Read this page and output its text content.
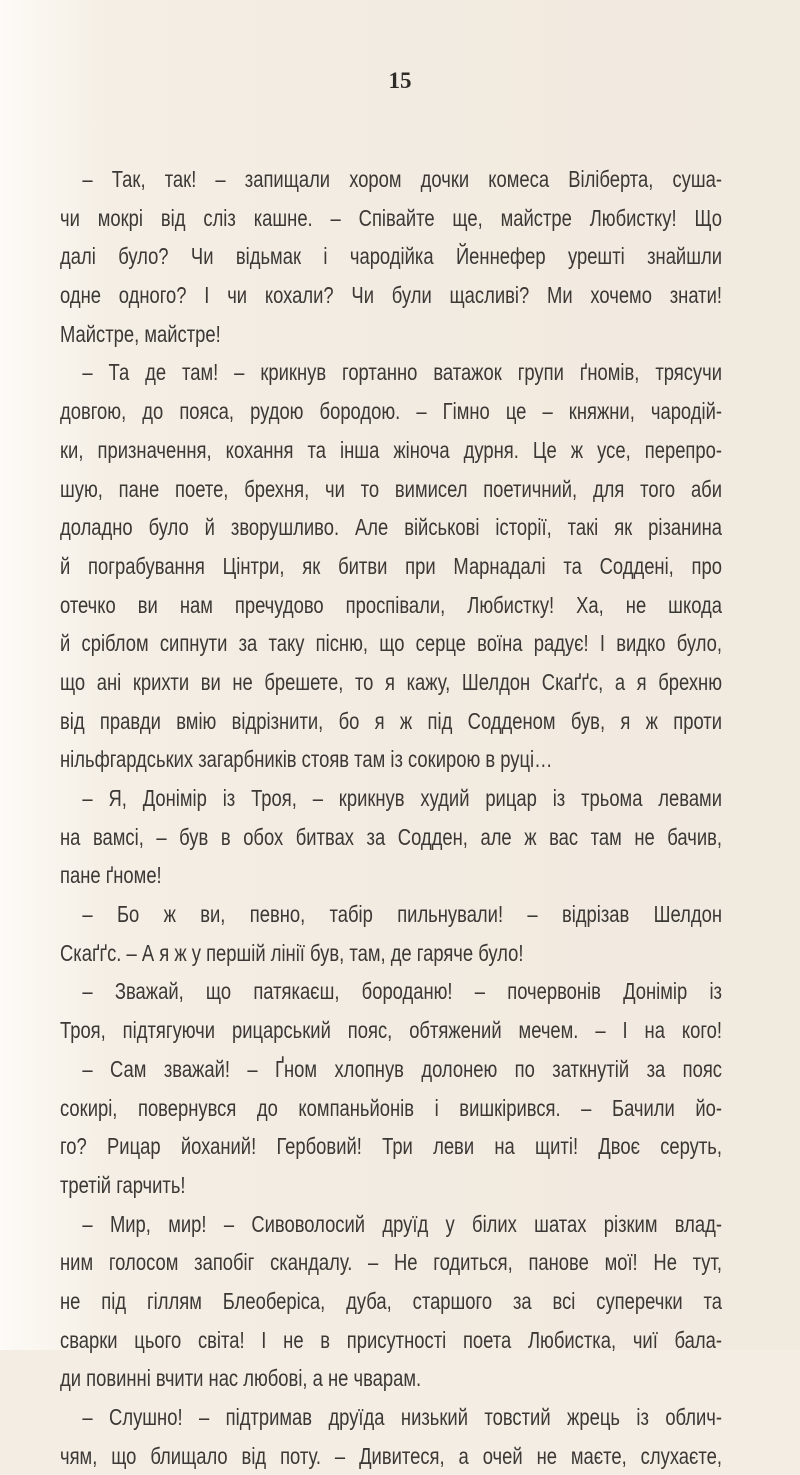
15
– Так, так! – запищали хором дочки комеса Віліберта, суша-
чи мокрі від сліз кашне. – Співайте ще, майстре Любистку! Що
далі було? Чи відьмак і чародійка Йеннефер урешті знайшли
одне одного? І чи кохали? Чи були щасливі? Ми хочемо знати!
Майстре, майстре!
– Та де там! – крикнув гортанно ватажок групи ґномів, трясучи
довгою, до пояса, рудою бородою. – Гімно це – княжни, чародій-
ки, призначення, кохання та інша жіноча дурня. Це ж усе, перепро-
шую, пане поете, брехня, чи то вимисел поетичний, для того аби
доладно було й зворушливо. Але військові історії, такі як різанина
й пограбування Цінтри, як битви при Марнадалі та Соддені, про
отечко ви нам пречудово проспівали, Любистку! Ха, не шкода
й сріблом сипнути за таку пісню, що серце воїна радує! І видко було,
що ані крихти ви не брешете, то я кажу, Шелдон Скаґґс, а я брехню
від правди вмію відрізнити, бо я ж під Содденом був, я ж проти
нільфгардських загарбників стояв там із сокирою в руці…
– Я, Донімір із Троя, – крикнув худий рицар із трьома левами
на вамсі, – був в обох битвах за Содден, але ж вас там не бачив,
пане ґноме!
– Бо ж ви, певно, табір пильнували! – відрізав Шелдон
Скаґґс. – А я ж у першій лінії був, там, де гаряче було!
– Зважай, що патякаєш, бороданю! – почервонів Донімір із
Троя, підтягуючи рицарський пояс, обтяжений мечем. – І на кого!
– Сам зважай! – Ґном хлопнув долонею по заткнутій за пояс
сокирі, повернувся до компаньйонів і вишкірився. – Бачили йо-
го? Рицар йоханий! Гербовий! Три леви на щиті! Двоє серуть,
третій гарчить!
– Мир, мир! – Сивоволосий друїд у білих шатах різким влад-
ним голосом запобіг скандалу. – Не годиться, панове мої! Не тут,
не під гіллям Блеоберіса, дуба, старшого за всі суперечки та
сварки цього світа! І не в присутності поета Любистка, чиї бала-
ди повинні вчити нас любові, а не чварам.
– Слушно! – підтримав друїда низький товстий жрець із облич-
чям, що блищало від поту. – Дивитеся, а очей не маєте, слухаєте,
